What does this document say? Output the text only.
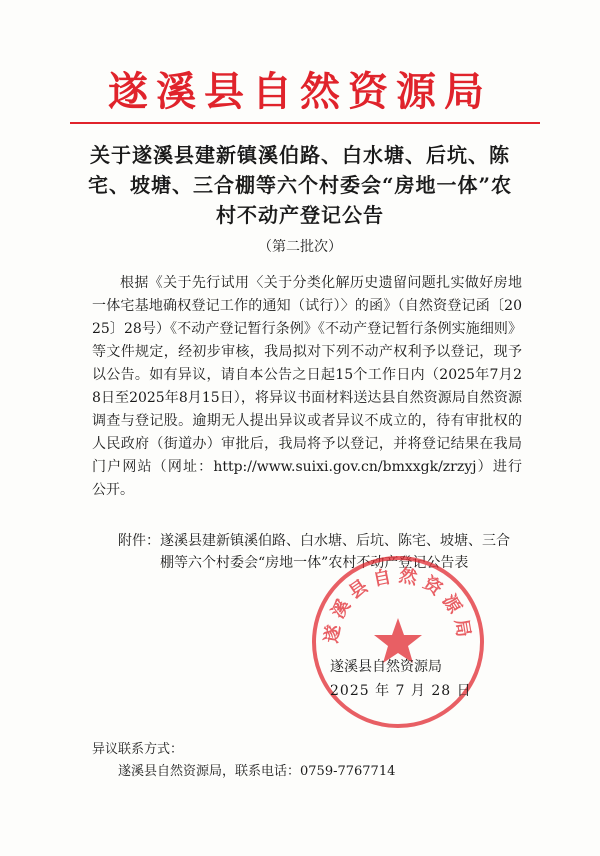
遂溪县自然资源局
关于遂溪县建新镇溪伯路、白水塘、后坑、陈宅、坡塘、三合棚等六个村委会“房地一体”农村不动产登记公告
（第二批次）
根据《关于先行试用〈关于分类化解历史遗留问题扎实做好房地一体宅基地确权登记工作的通知（试行）〉的函》（自然资登记函〔2025〕28号）《不动产登记暂行条例》《不动产登记暂行条例实施细则》等文件规定，经初步审核，我局拟对下列不动产权利予以登记，现予以公告。如有异议，请自本公告之日起15个工作日内（2025年7月28日至2025年8月15日），将异议书面材料送达县自然资源局自然资源调查与登记股。逾期无人提出异议或者异议不成立的，待有审批权的人民政府（街道办）审批后，我局将予以登记，并将登记结果在我局门户网站（网址：http://www.suixi.gov.cn/bmxxgk/zrzyj）进行公开。
附件： 遂溪县建新镇溪伯路、白水塘、后坑、陈宅、坡塘、三合棚等六个村委会“房地一体”农村不动产登记公告表
遂溪县自然资源局
遂溪县自然资源局
2025 年 7 月 28 日
异议联系方式：
遂溪县自然资源局，联系电话：0759-7767714
